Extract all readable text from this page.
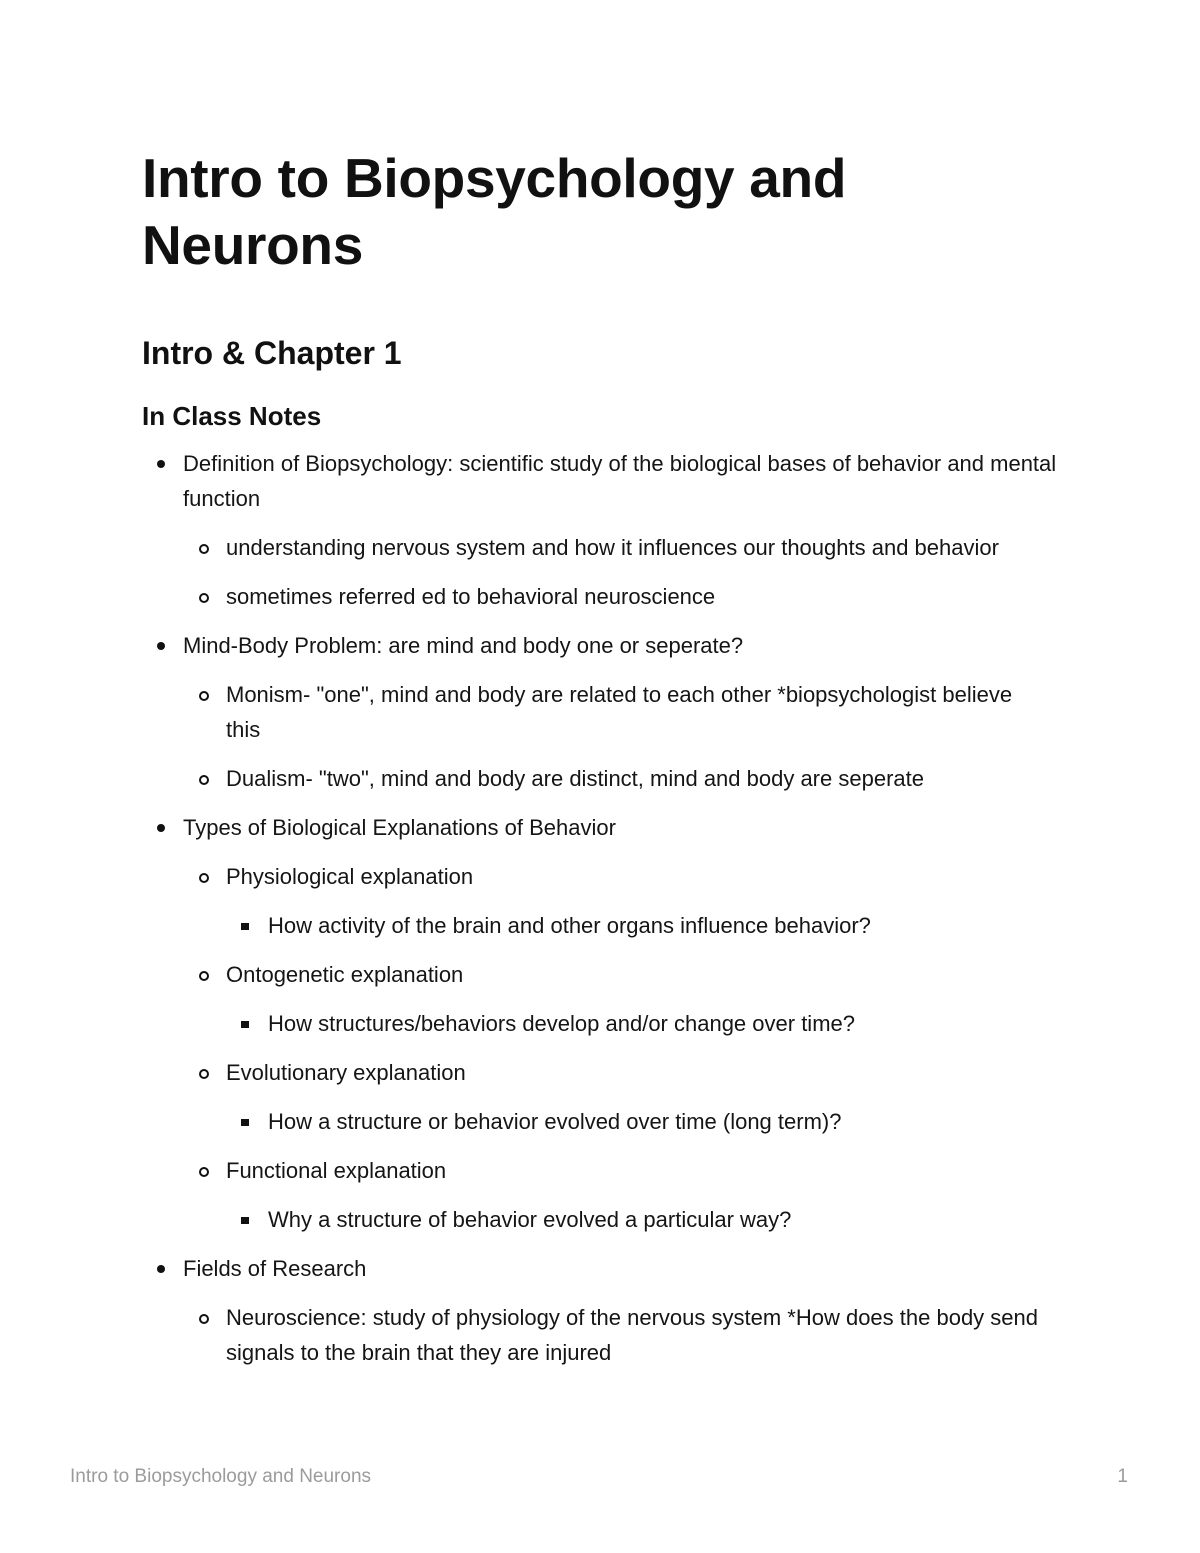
Intro to Biopsychology and
Neurons
Intro & Chapter 1
In Class Notes
Definition of Biopsychology: scientific study of the biological bases of behavior and mental function
understanding nervous system and how it influences our thoughts and behavior
sometimes referred ed to behavioral neuroscience
Mind-Body Problem: are mind and body one or seperate?
Monism- "one", mind and body are related to each other *biopsychologist believe this
Dualism- "two", mind and body are distinct, mind and body are seperate
Types of Biological Explanations of Behavior
Physiological explanation
How activity of the brain and other organs influence behavior?
Ontogenetic explanation
How structures/behaviors develop and/or change over time?
Evolutionary explanation
How a structure or behavior evolved over time (long term)?
Functional explanation
Why a structure of behavior evolved a particular way?
Fields of Research
Neuroscience: study of physiology of the nervous system *How does the body send signals to the brain that they are injured
Intro to Biopsychology and Neurons	1
